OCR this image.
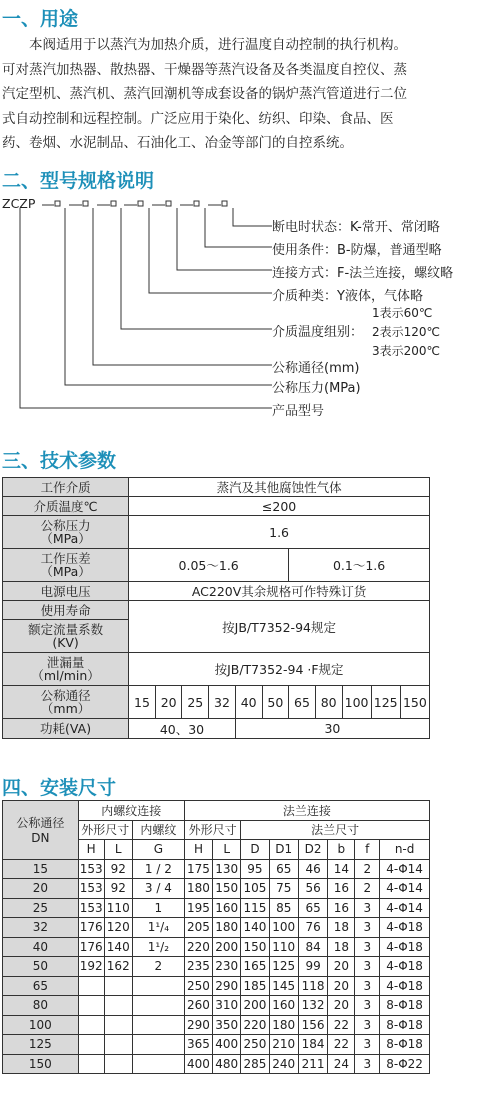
一、用途

　　本阀适用于以蒸汽为加热介质，进行温度自动控制的执行机构。

可对蒸汽加热器、散热器、干燥器等蒸汽设备及各类温度自控仪、蒸

汽定型机、蒸汽机、蒸汽回潮机等成套设备的锅炉蒸汽管道进行二位

式自动控制和远程控制。广泛应用于染化、纺织、印染、食品、医

药、卷烟、水泥制品、石油化工、冶金等部门的自控系统。

二、型号规格说明
ZCZP
断电时状态：K-常开、常闭略
使用条件：B-防爆，普通型略
连接方式：F-法兰连接，螺纹略
介质种类：Y液体，气体略
1表示60℃
介质温度组别： 2表示120℃
3表示200℃
公称通径(mm)
公称压力(MPa)
产品型号
三、技术参数
工作介质	蒸汽及其他腐蚀性气体										
介质温度℃	≤200										

公称压力
（MPa）	1.6										

工作压差
（MPa）	0.05～1.6						0.1～1.6				
电源电压	AC220V其余规格可作特殊订货										
使用寿命	按JB/T7352-94规定										

额定流量系数
(KV)											

泄漏量
（ml/min）	按JB/T7352-94 ·F规定										

公称通径
（mm）	15	20	25	32	40	50	65	80	100	125	150
功耗(VA)	40、30				30						
四、安装尺寸
公称通径
DN	内螺纹连接			法兰连接							
	外形尺寸		内螺纹	外形尺寸		法兰尺寸					
	H	L	G	H	L	D	D1	D2	b	f	n-d
15	153	92	1 / 2	175	130	95	65	46	14	2	4-Φ14
20	153	92	3 / 4	180	150	105	75	56	16	2	4-Φ14
25	153	110	1	195	160	115	85	65	16	3	4-Φ14
32	176	120	1¹/₄	205	180	140	100	76	18	3	4-Φ18
40	176	140	1¹/₂	220	200	150	110	84	18	3	4-Φ18
50	192	162	2	235	230	165	125	99	20	3	4-Φ18
65				250	290	185	145	118	20	3	4-Φ18
80				260	310	200	160	132	20	3	8-Φ18
100				290	350	220	180	156	22	3	8-Φ18
125				365	400	250	210	184	22	3	8-Φ18
150				400	480	285	240	211	24	3	8-Φ22
